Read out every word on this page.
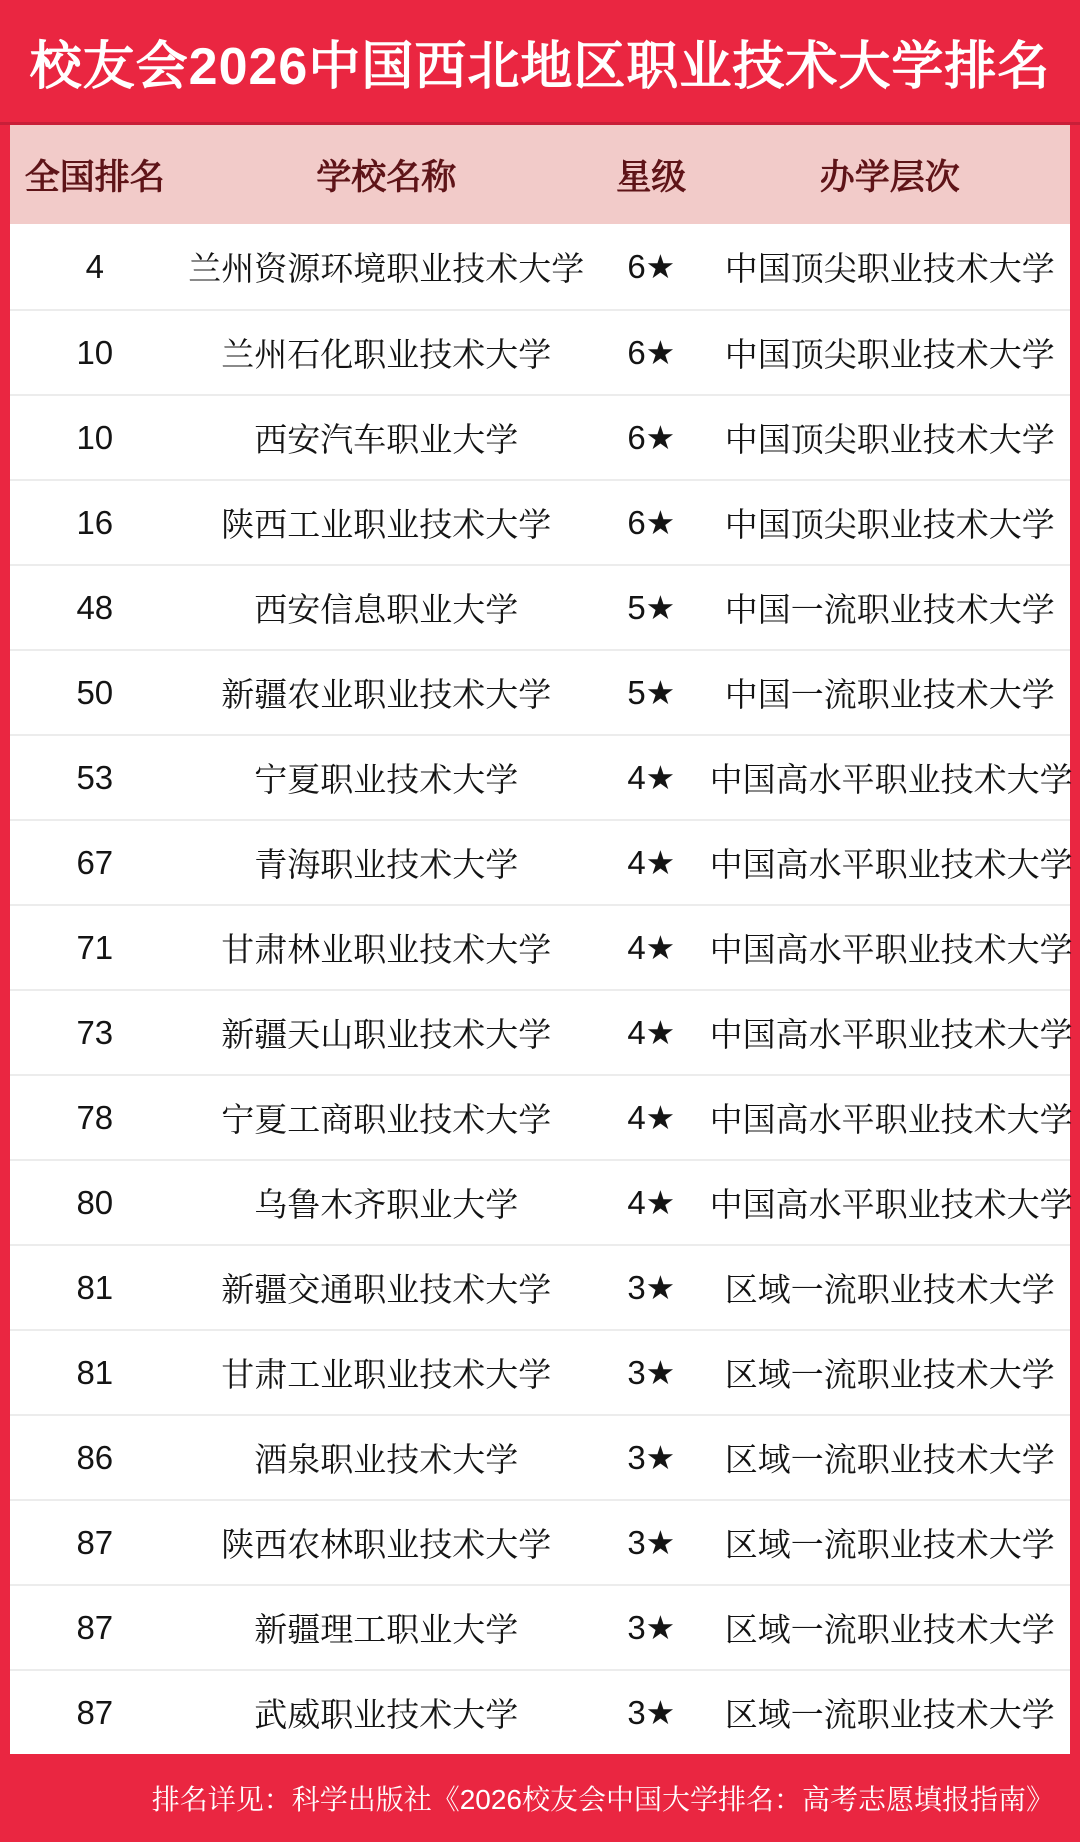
校友会2026中国西北地区职业技术大学排名
全国排名	学校名称	星级	办学层次
4	兰州资源环境职业技术大学	6★	中国顶尖职业技术大学
10	兰州石化职业技术大学	6★	中国顶尖职业技术大学
10	西安汽车职业大学	6★	中国顶尖职业技术大学
16	陕西工业职业技术大学	6★	中国顶尖职业技术大学
48	西安信息职业大学	5★	中国一流职业技术大学
50	新疆农业职业技术大学	5★	中国一流职业技术大学
53	宁夏职业技术大学	4★	中国高水平职业技术大学
67	青海职业技术大学	4★	中国高水平职业技术大学
71	甘肃林业职业技术大学	4★	中国高水平职业技术大学
73	新疆天山职业技术大学	4★	中国高水平职业技术大学
78	宁夏工商职业技术大学	4★	中国高水平职业技术大学
80	乌鲁木齐职业大学	4★	中国高水平职业技术大学
81	新疆交通职业技术大学	3★	区域一流职业技术大学
81	甘肃工业职业技术大学	3★	区域一流职业技术大学
86	酒泉职业技术大学	3★	区域一流职业技术大学
87	陕西农林职业技术大学	3★	区域一流职业技术大学
87	新疆理工职业大学	3★	区域一流职业技术大学
87	武威职业技术大学	3★	区域一流职业技术大学
排名详见：科学出版社《2026校友会中国大学排名：高考志愿填报指南》
